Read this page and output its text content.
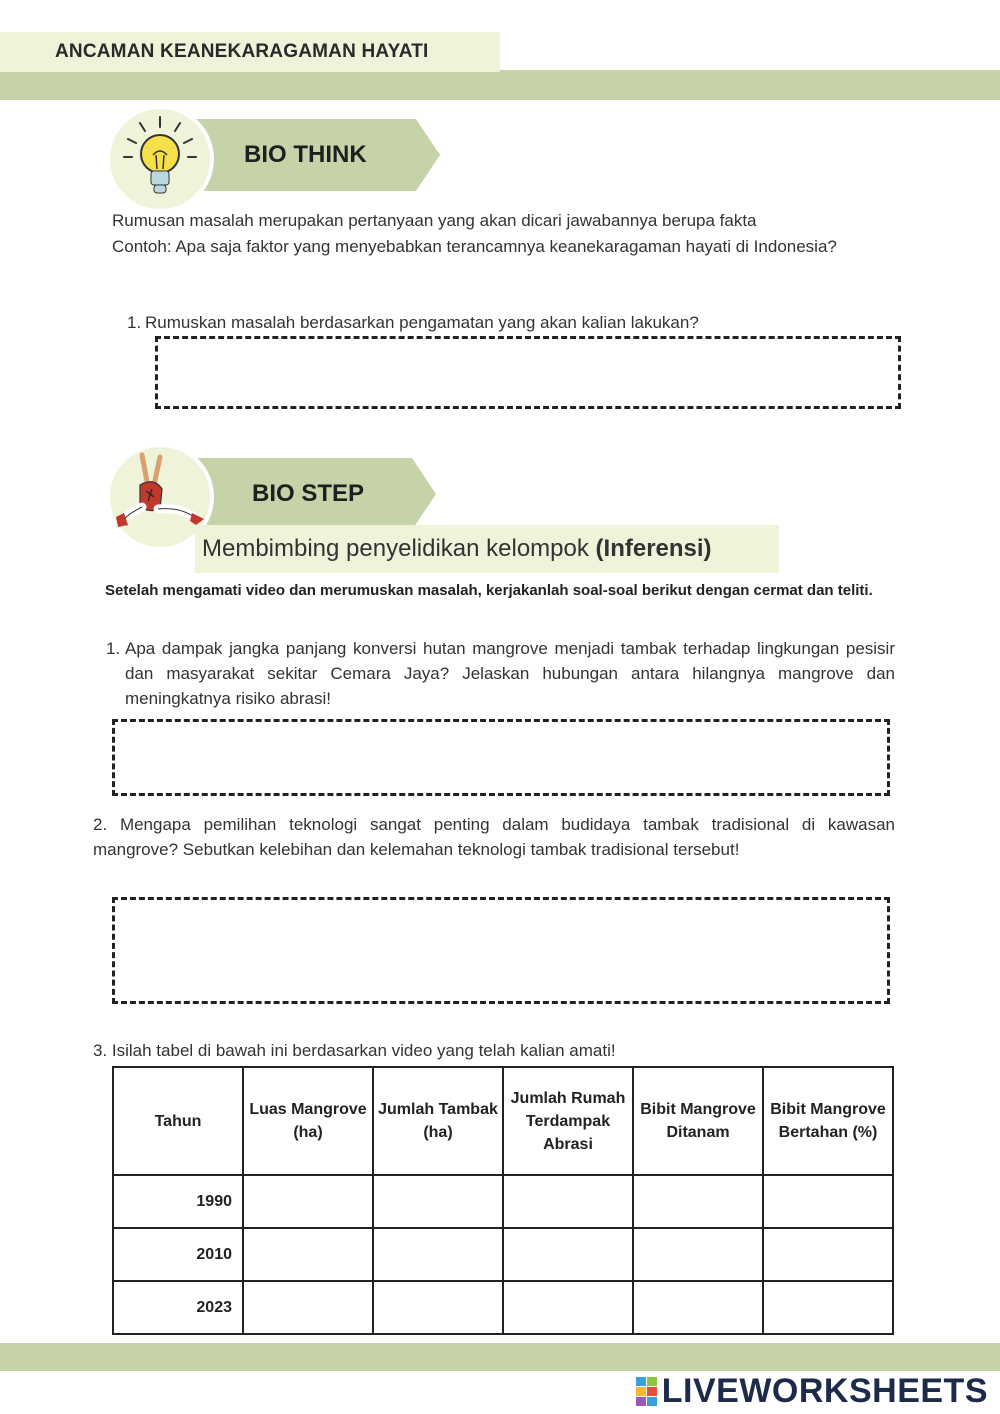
ANCAMAN KEANEKARAGAMAN HAYATI
BIO THINK
Rumusan masalah merupakan pertanyaan yang akan dicari jawabannya berupa fakta
Contoh: Apa saja faktor yang menyebabkan terancamnya keanekaragaman hayati di Indonesia?
1. Rumuskan masalah berdasarkan pengamatan yang akan kalian lakukan?
BIO STEP
Membimbing penyelidikan kelompok (Inferensi)
Setelah mengamati video dan merumuskan masalah, kerjakanlah soal-soal berikut dengan cermat dan teliti.
1. Apa dampak jangka panjang konversi hutan mangrove menjadi tambak terhadap lingkungan pesisir dan masyarakat sekitar Cemara Jaya? Jelaskan hubungan antara hilangnya mangrove dan meningkatnya risiko abrasi!
2. Mengapa pemilihan teknologi sangat penting dalam budidaya tambak tradisional di kawasan mangrove? Sebutkan kelebihan dan kelemahan teknologi tambak tradisional tersebut!
3. Isilah tabel di bawah ini berdasarkan video yang telah kalian amati!
Tahun	Luas Mangrove (ha)	Jumlah Tambak (ha)	Jumlah Rumah Terdampak Abrasi	Bibit Mangrove Ditanam	Bibit Mangrove Bertahan (%)
1990					
2010					
2023					
LIVEWORKSHEETS
